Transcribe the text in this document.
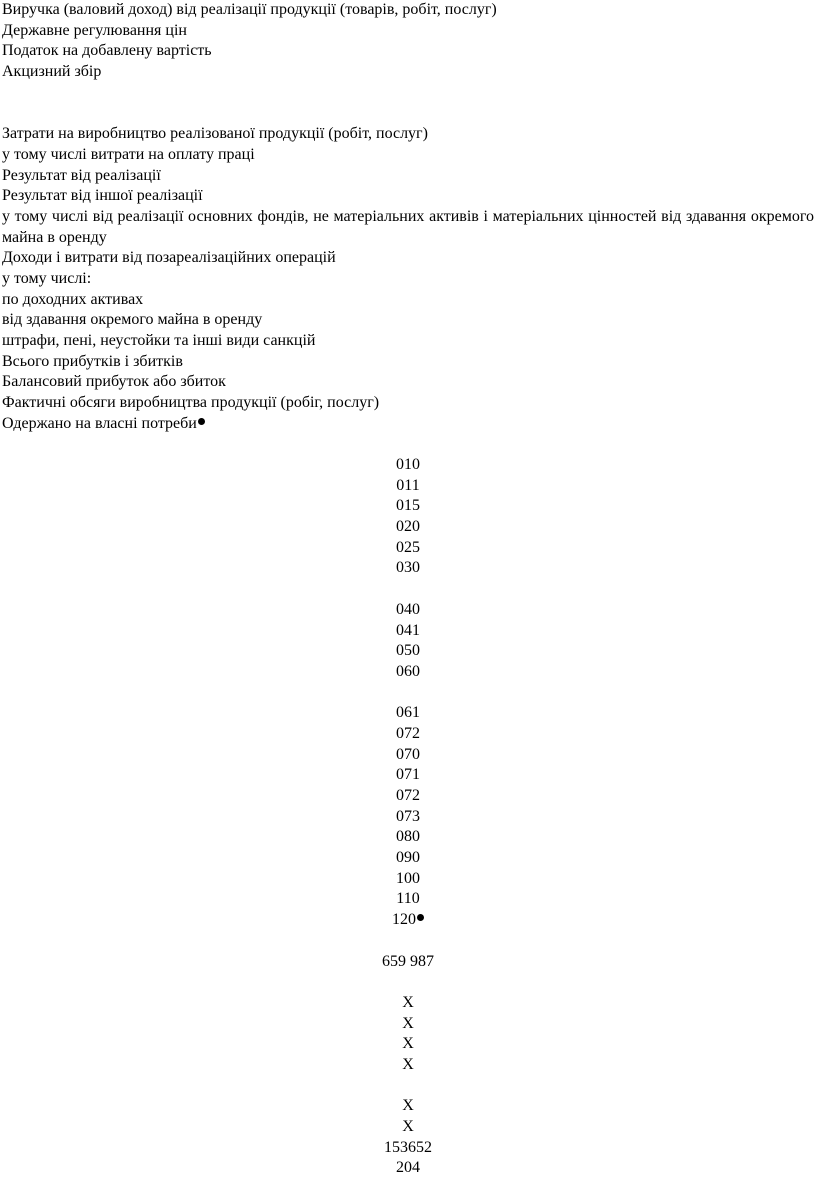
Виручка (валовий доход) від реалізації продукції (товарів, робіт, послуг)
Державне регулювання цін
Податок на добавлену вартість
Акцизний збір
Затрати на виробництво реалізованої продукції (робіт, послуг)
у тому числі витрати на оплату праці
Результат від реалізації
Результат від іншої реалізації
у тому числі від реалізації основних фондів, не матеріальних активів і матеріальних цінностей від здавання окремого майна в оренду
Доходи і витрати від позареалізаційних операцій
у тому числі:
по доходних активах
від здавання окремого майна в оренду
штрафи, пені, неустойки та інші види санкцій
Всього прибутків і збитків
Балансовий прибуток або збиток
Фактичні обсяги виробництва продукції (робіг, послуг)
Одержано на власні потреби
010
011
015
020
025
030
040
041
050
060
061
072
070
071
072
073
080
090
100
110
120
659 987
Х
Х
Х
Х
Х
Х
153652
204
